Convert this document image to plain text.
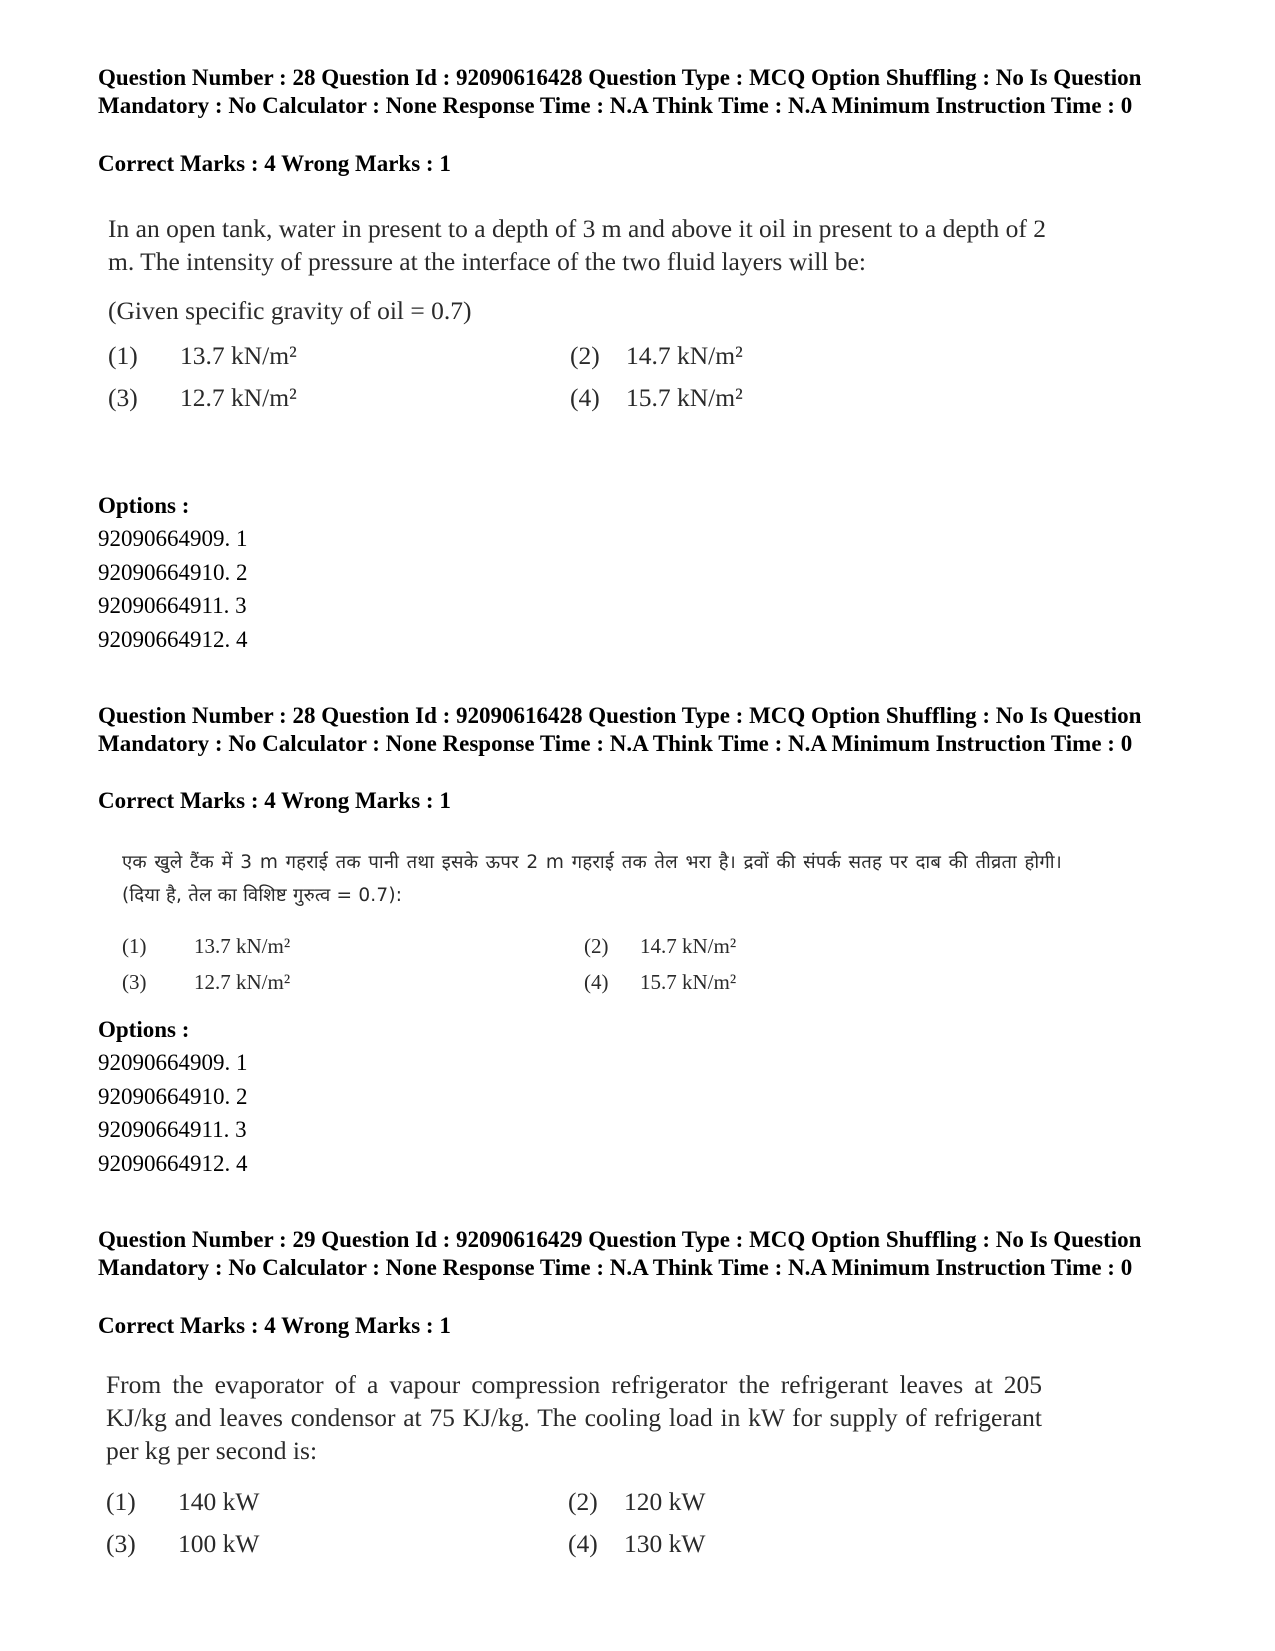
Question Number : 28 Question Id : 92090616428 Question Type : MCQ Option Shuffling : No Is Question Mandatory : No Calculator : None Response Time : N.A Think Time : N.A Minimum Instruction Time : 0
Correct Marks : 4 Wrong Marks : 1

In an open tank, water in present to a depth of 3 m and above it oil in present to a depth of 2 m. The intensity of pressure at the interface of the two fluid layers will be:

(Given specific gravity of oil = 0.7)

(1) 13.7 kN/m²	(2) 14.7 kN/m²
(3) 12.7 kN/m²	(4) 15.7 kN/m²
Options :
92090664909. 1
92090664910. 2
92090664911. 3
92090664912. 4
Question Number : 28 Question Id : 92090616428 Question Type : MCQ Option Shuffling : No Is Question Mandatory : No Calculator : None Response Time : N.A Think Time : N.A Minimum Instruction Time : 0
Correct Marks : 4 Wrong Marks : 1

एक खुले टैंक में 3 m गहराई तक पानी तथा इसके ऊपर 2 m गहराई तक तेल भरा है। द्रवों की संपर्क सतह पर दाब की तीव्रता होगी। (दिया है, तेल का विशिष्ट गुरुत्व = 0.7):

(1) 13.7 kN/m²	(2) 14.7 kN/m²
(3) 12.7 kN/m²	(4) 15.7 kN/m²
Options :
92090664909. 1
92090664910. 2
92090664911. 3
92090664912. 4
Question Number : 29 Question Id : 92090616429 Question Type : MCQ Option Shuffling : No Is Question Mandatory : No Calculator : None Response Time : N.A Think Time : N.A Minimum Instruction Time : 0
Correct Marks : 4 Wrong Marks : 1

From the evaporator of a vapour compression refrigerator the refrigerant leaves at 205 KJ/kg and leaves condensor at 75 KJ/kg. The cooling load in kW for supply of refrigerant per kg per second is:

(1) 140 kW	(2) 120 kW
(3) 100 kW	(4) 130 kW
